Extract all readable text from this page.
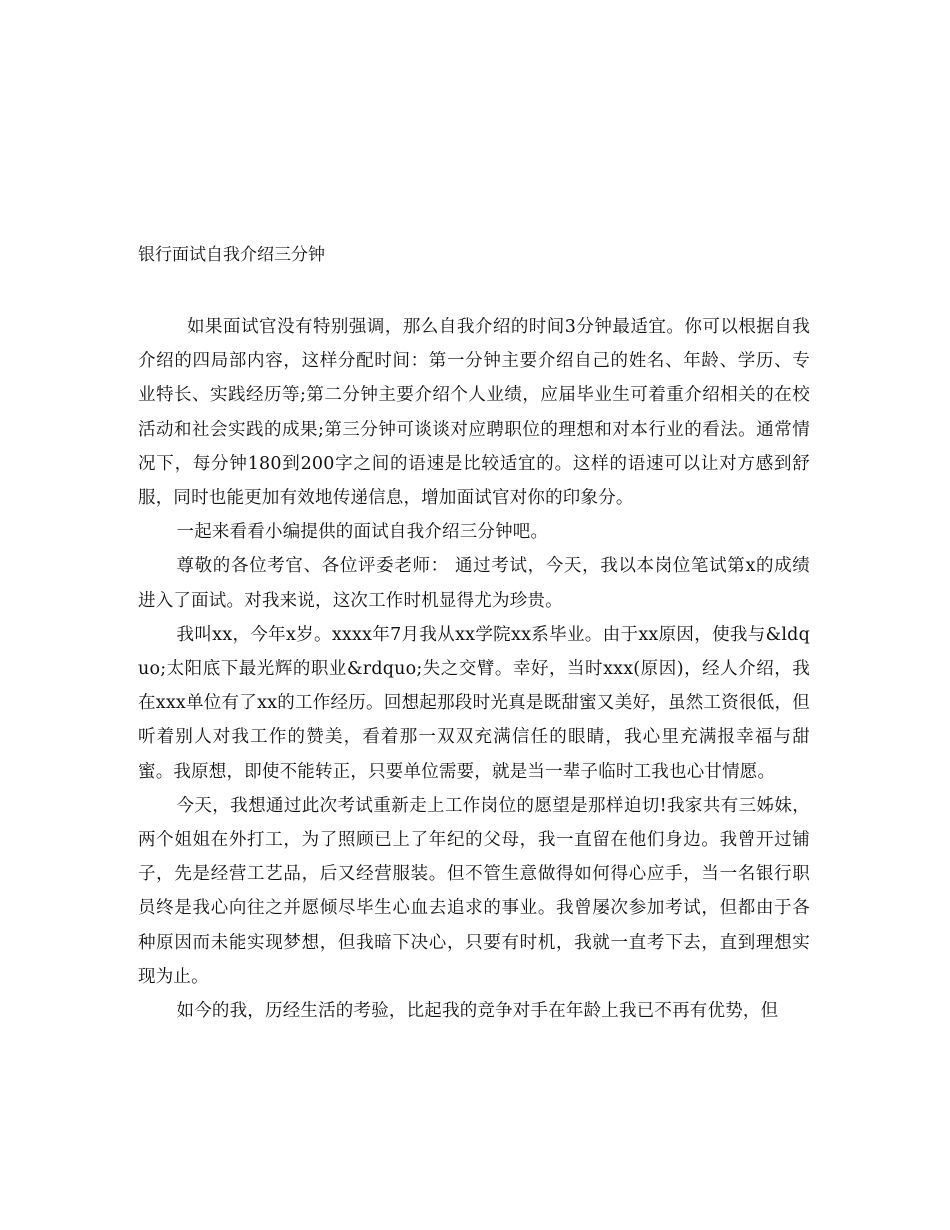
银行面试自我介绍三分钟

如果面试官没有特别强调，那么自我介绍的时间3分钟最适宜。你可以根据自我介绍的四局部内容，这样分配时间：第一分钟主要介绍自己的姓名、年龄、学历、专业特长、实践经历等;第二分钟主要介绍个人业绩，应届毕业生可着重介绍相关的在校活动和社会实践的成果;第三分钟可谈谈对应聘职位的理想和对本行业的看法。通常情况下，每分钟180到200字之间的语速是比较适宜的。这样的语速可以让对方感到舒服，同时也能更加有效地传递信息，增加面试官对你的印象分。

一起来看看小编提供的面试自我介绍三分钟吧。

尊敬的各位考官、各位评委老师： 通过考试，今天，我以本岗位笔试第x的成绩进入了面试。对我来说，这次工作时机显得尤为珍贵。

我叫xx，今年x岁。xxxx年7月我从xx学院xx系毕业。由于xx原因，使我与&ldquo;太阳底下最光辉的职业&rdquo;失之交臂。幸好，当时xxx(原因)，经人介绍，我在xxx单位有了xx的工作经历。回想起那段时光真是既甜蜜又美好，虽然工资很低，但听着别人对我工作的赞美，看着那一双双充满信任的眼睛，我心里充满报幸福与甜蜜。我原想，即使不能转正，只要单位需要，就是当一辈子临时工我也心甘情愿。

今天，我想通过此次考试重新走上工作岗位的愿望是那样迫切!我家共有三姊妹，两个姐姐在外打工，为了照顾已上了年纪的父母，我一直留在他们身边。我曾开过铺子，先是经营工艺品，后又经营服装。但不管生意做得如何得心应手，当一名银行职员终是我心向往之并愿倾尽毕生心血去追求的事业。我曾屡次参加考试，但都由于各种原因而未能实现梦想，但我暗下决心，只要有时机，我就一直考下去，直到理想实现为止。

如今的我，历经生活的考验，比起我的竞争对手在年龄上我已不再有优势，但
